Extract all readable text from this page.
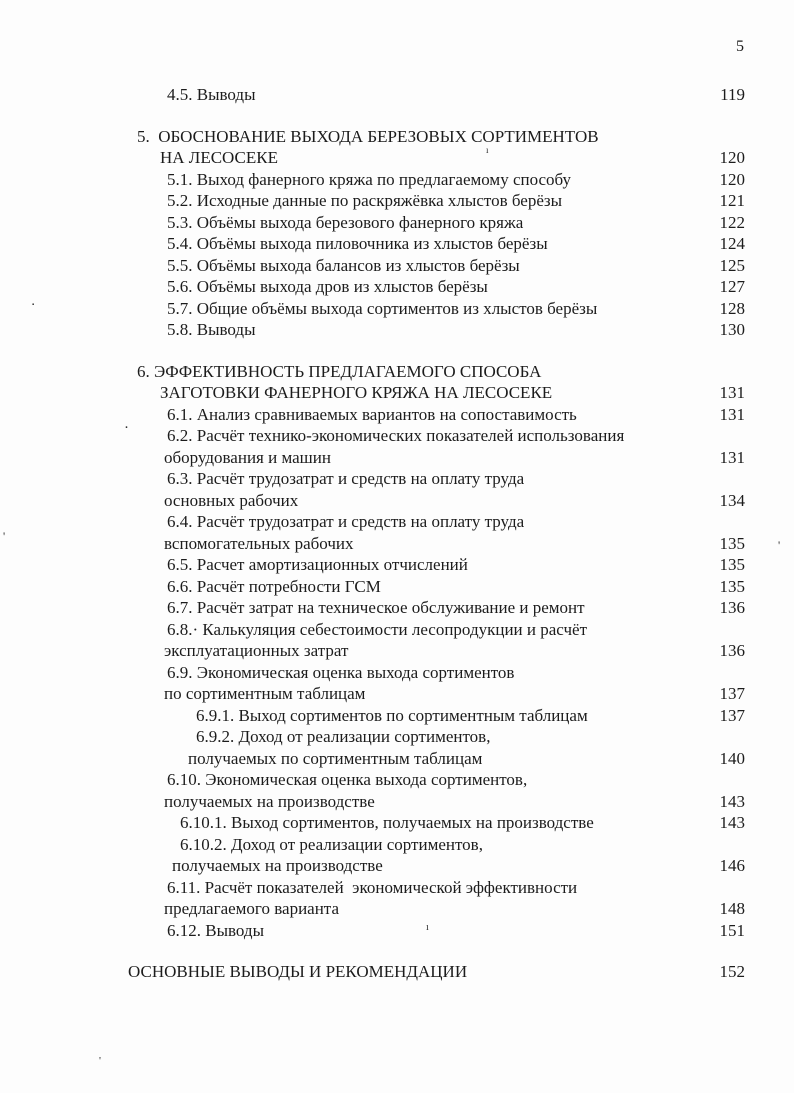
5
4.5. Выводы	119
5.  ОБОСНОВАНИЕ ВЫХОДА БЕРЕЗОВЫХ СОРТИМЕНТОВ
НА ЛЕСОСЕКЕ	120
5.1. Выход фанерного кряжа по предлагаемому способу	120
5.2. Исходные данные по раскряжёвка хлыстов берёзы	121
5.3. Объёмы выхода березового фанерного кряжа	122
5.4. Объёмы выхода пиловочника из хлыстов берёзы	124
5.5. Объёмы выхода балансов из хлыстов берёзы	125
5.6. Объёмы выхода дров из хлыстов берёзы	127
5.7. Общие объёмы выхода сортиментов из хлыстов берёзы	128
5.8. Выводы	130
6. ЭФФЕКТИВНОСТЬ ПРЕДЛАГАЕМОГО СПОСОБА
ЗАГОТОВКИ ФАНЕРНОГО КРЯЖА НА ЛЕСОСЕКЕ	131
6.1. Анализ сравниваемых вариантов на сопоставимость	131
6.2. Расчёт технико-экономических показателей использования
оборудования и машин	131
6.3. Расчёт трудозатрат и средств на оплату труда
основных рабочих	134
6.4. Расчёт трудозатрат и средств на оплату труда
вспомогательных рабочих	135
6.5. Расчет амортизационных отчислений	135
6.6. Расчёт потребности ГСМ	135
6.7. Расчёт затрат на техническое обслуживание и ремонт	136
6.8.· Калькуляция себестоимости лесопродукции и расчёт
эксплуатационных затрат	136
6.9. Экономическая оценка выхода сортиментов
по сортиментным таблицам	137
6.9.1. Выход сортиментов по сортиментным таблицам	137
6.9.2. Доход от реализации сортиментов,
получаемых по сортиментным таблицам	140
6.10. Экономическая оценка выхода сортиментов,
получаемых на производстве	143
6.10.1. Выход сортиментов, получаемых на производстве	143
6.10.2. Доход от реализации сортиментов,
получаемых на производстве	146
6.11. Расчёт показателей  экономической эффективности
предлагаемого варианта	148
6.12. Выводы	151
ОСНОВНЫЕ ВЫВОДЫ И РЕКОМЕНДАЦИИ	152
ı
▪
·
'
'
ı
'
